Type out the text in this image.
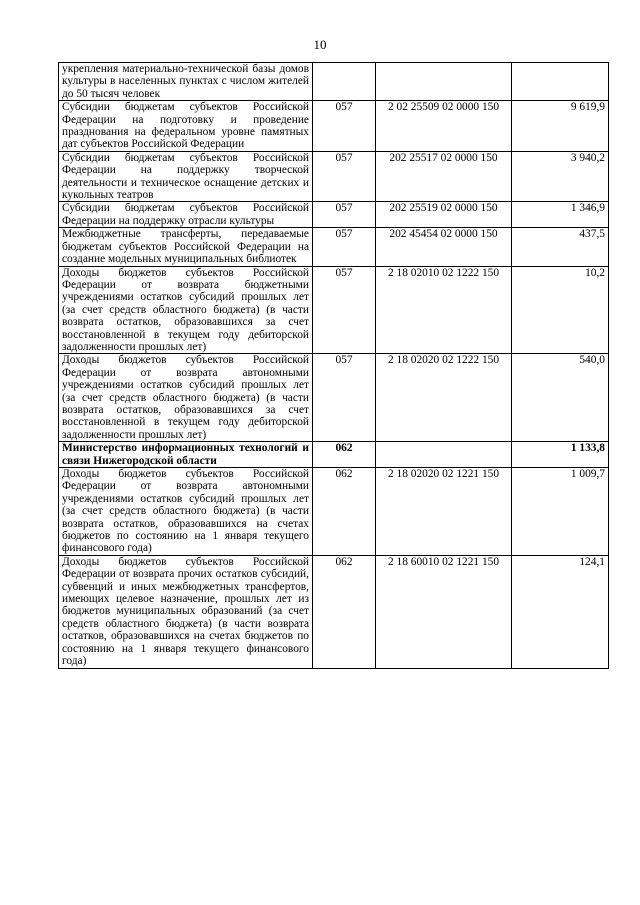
10
укрепления материально-технической базы домов культуры в населенных пунктах с числом жителей до 50 тысяч человек			
Субсидии бюджетам субъектов Российской Федерации на подготовку и проведение празднования на федеральном уровне памятных дат субъектов Российской Федерации	057	2 02 25509 02 0000 150	9 619,9
Субсидии бюджетам субъектов Российской Федерации на поддержку творческой деятельности и техническое оснащение детских и кукольных театров	057	202 25517 02 0000 150	3 940,2
Субсидии бюджетам субъектов Российской Федерации на поддержку отрасли культуры	057	202 25519 02 0000 150	1 346,9
Межбюджетные трансферты, передаваемые бюджетам субъектов Российской Федерации на создание модельных муниципальных библиотек	057	202 45454 02 0000 150	437,5
Доходы бюджетов субъектов Российской Федерации от возврата бюджетными учреждениями остатков субсидий прошлых лет (за счет средств областного бюджета) (в части возврата остатков, образовавшихся за счет восстановленной в текущем году дебиторской задолженности прошлых лет)	057	2 18 02010 02 1222 150	10,2
Доходы бюджетов субъектов Российской Федерации от возврата автономными учреждениями остатков субсидий прошлых лет (за счет средств областного бюджета) (в части возврата остатков, образовавшихся за счет восстановленной в текущем году дебиторской задолженности прошлых лет)	057	2 18 02020 02 1222 150	540,0
Министерство информационных технологий и связи Нижегородской области	062		1 133,8
Доходы бюджетов субъектов Российской Федерации от возврата автономными учреждениями остатков субсидий прошлых лет (за счет средств областного бюджета) (в части возврата остатков, образовавшихся на счетах бюджетов по состоянию на 1 января текущего финансового года)	062	2 18 02020 02 1221 150	1 009,7
Доходы бюджетов субъектов Российской Федерации от возврата прочих остатков субсидий, субвенций и иных межбюджетных трансфертов, имеющих целевое назначение, прошлых лет из бюджетов муниципальных образований (за счет средств областного бюджета) (в части возврата остатков, образовавшихся на счетах бюджетов по состоянию на 1 января текущего финансового года)	062	2 18 60010 02 1221 150	124,1
